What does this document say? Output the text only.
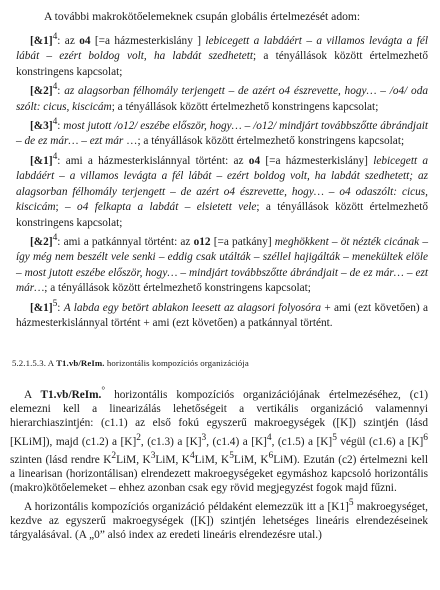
A további makrokötőelemeknek csupán globális értelmezését adom:

[&1]$^4$: az o4 [=a házmesterkislány ] lebicegett a labdáért – a villamos levágta a fél lábát – ezért boldog volt, ha labdát szedhetett; a tényállások között értelmezhető konstringens kapcsolat;

[&2]$^4$: az alagsorban félhomály terjengett – de azért o4 észrevette, hogy… – /o4/ oda szólt: cicus, kiscicám; a tényállások között értelmezhető konstringens kapcsolat;

[&3]$^4$: most jutott /o12/ eszébe először, hogy… – /o12/ mindjárt továbbszőtte ábrándjait – de ez már… – ezt már …; a tényállások között értelmezhető konstringens kapcsolat;

[&1]$^4$: ami a házmesterkislánnyal történt: az o4 [=a házmesterkislány] lebicegett a labdáért – a villamos levágta a fél lábát – ezért boldog volt, ha labdát szedhetett; az alagsorban félhomály terjengett – de azért o4 észrevette, hogy… – o4 odaszólt: cicus, kiscicám; – o4 felkapta a labdát – elsietett vele; a tényállások között értelmezhető konstringens kapcsolat;

[&2]$^4$: ami a patkánnyal történt: az o12 [=a patkány] meghökkent – öt nézték cicának – így még nem beszélt vele senki – eddig csak utálták – széllel hajigálták – menekültek elöle – most jutott eszébe először, hogy… – mindjárt továbbszőtte ábrándjait – de ez már… – ezt már…; a tényállások között értelmezhető konstringens kapcsolat;

[&1]$^5$: A labda egy betört ablakon leesett az alagsori folyosóra + ami (ezt követően) a házmesterkislánnyal történt + ami (ezt követően) a patkánnyal történt.

5.2.1.5.3. A T1.vb/ReIm. horizontális kompozíciós organizációja

A T1.vb/ReIm.° horizontális kompozíciós organizációjának értelmezéséhez, (c1) elemezni kell a linearizálás lehetőségeit a vertikális organizáció valamennyi hierarchiaszintjén: (c1.1) az első fokú egyszerű makroegységek ([K]) szintjén (lásd [KLiM]), majd (c1.2) a $[K]^2$, (c1.3) a $[K]^3$, (c1.4) a $[K]^4$, (c1.5) a $[K]^5$ végül (c1.6) a $[K]^6$ szinten (lásd rendre $K^2LiM$, $K^3LiM$, $K^4LiM$, $K^5LiM$, $K^6LiM$). Ezután (c2) értelmezni kell a linearisan (horizontálisan) elrendezett makroegységeket egymáshoz kapcsoló horizontális (makro)kötőelemeket – ehhez azonban csak egy rövid megjegyzést fogok majd fűzni.

A horizontális kompozíciós organizáció példaként elemezzük itt a $[K1]^5$ makroegységet, kezdve az egyszerű makroegységek ([K]) szintjén lehetséges lineáris elrendezéseinek tárgyalásával. (A „0” alsó index az eredeti lineáris elrendezésre utal.)
